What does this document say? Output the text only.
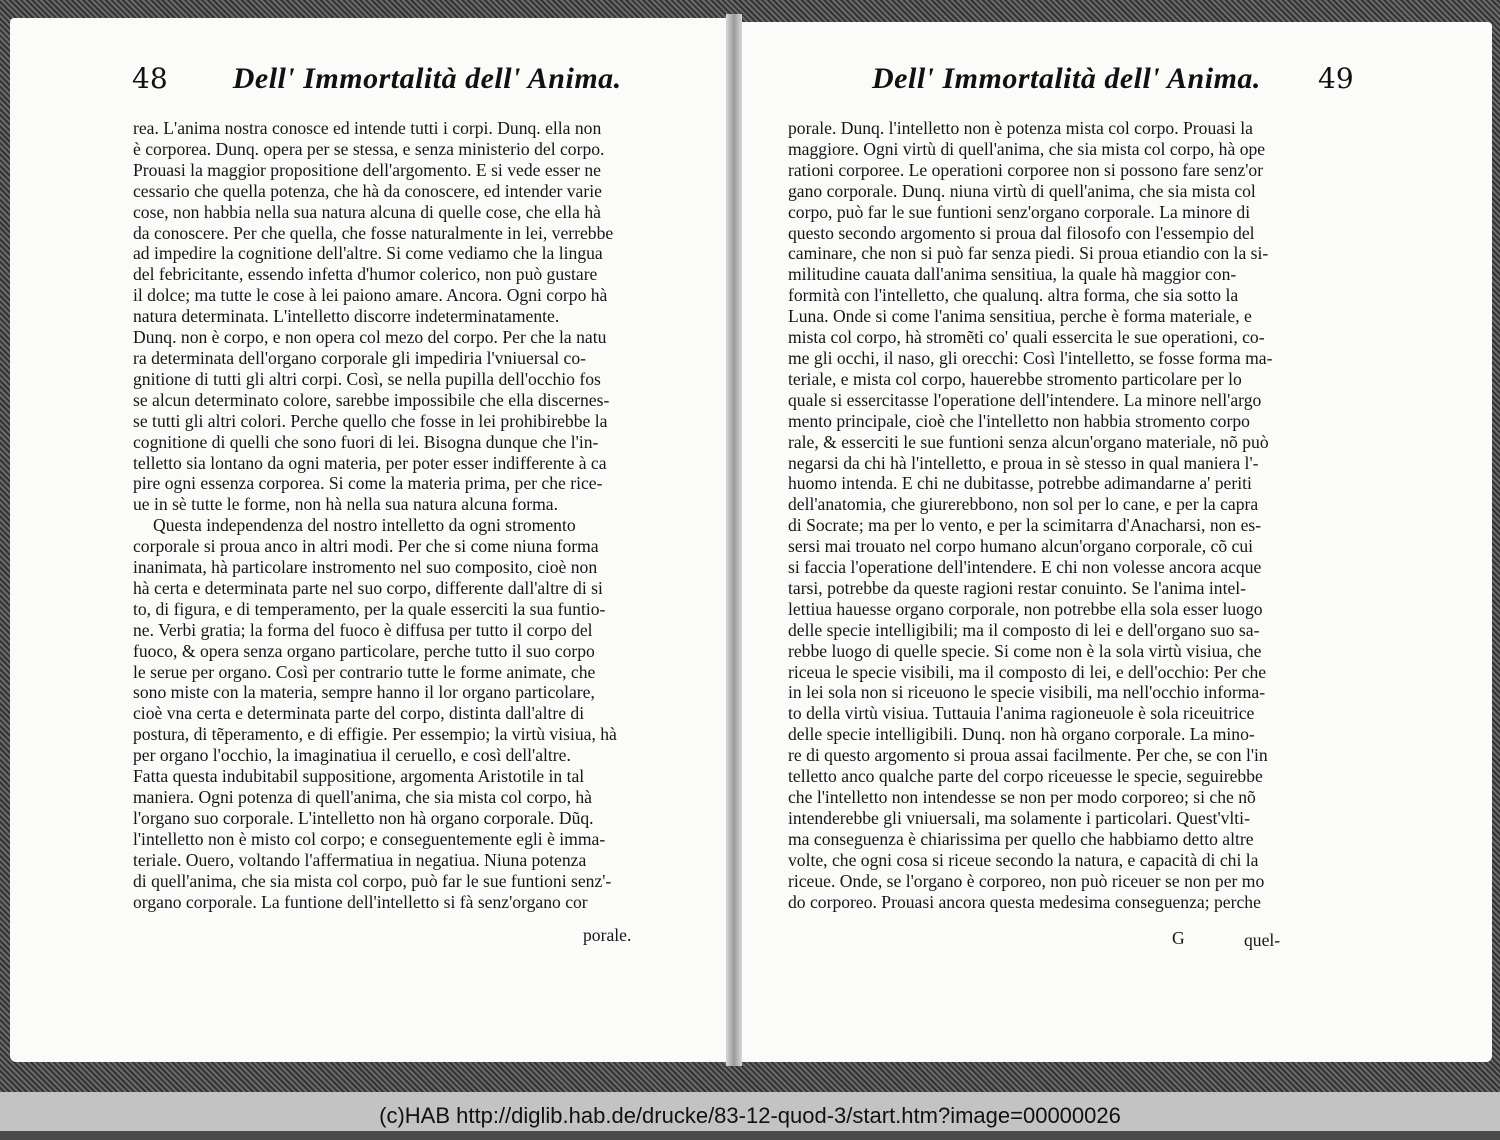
48 Dell' Immortalità dell' Anima.	Dell' Immortalità dell' Anima. 49
rea. L'anima nostra conosce ed intende tutti i corpi. Dunq. ella non
è corporea. Dunq. opera per se stessa, e senza ministerio del corpo.
Prouasi la maggior propositione dell'argomento. E si vede esser ne
cessario che quella potenza, che hà da conoscere, ed intender varie
cose, non habbia nella sua natura alcuna di quelle cose, che ella hà
da conoscere. Per che quella, che fosse naturalmente in lei, verrebbe
ad impedire la cognitione dell'altre. Si come vediamo che la lingua
del febricitante, essendo infetta d'humor colerico, non può gustare
il dolce; ma tutte le cose à lei paiono amare. Ancora. Ogni corpo hà
natura determinata. L'intelletto discorre indeterminatamente.
Dunq. non è corpo, e non opera col mezo del corpo. Per che la natu
ra determinata dell'organo corporale gli impediria l'vniuersal co-
gnitione di tutti gli altri corpi. Così, se nella pupilla dell'occhio fos
se alcun determinato colore, sarebbe impossibile che ella discernes-
se tutti gli altri colori. Perche quello che fosse in lei prohibirebbe la
cognitione di quelli che sono fuori di lei. Bisogna dunque che l'in-
telletto sia lontano da ogni materia, per poter esser indifferente à ca
pire ogni essenza corporea. Si come la materia prima, per che rice-
ue in sè tutte le forme, non hà nella sua natura alcuna forma.
Questa independenza del nostro intelletto da ogni stromento
corporale si proua anco in altri modi. Per che si come niuna forma
inanimata, hà particolare instromento nel suo composito, cioè non
hà certa e determinata parte nel suo corpo, differente dall'altre di si
to, di figura, e di temperamento, per la quale esserciti la sua funtio-
ne. Verbi gratia; la forma del fuoco è diffusa per tutto il corpo del
fuoco, & opera senza organo particolare, perche tutto il suo corpo
le serue per organo. Così per contrario tutte le forme animate, che
sono miste con la materia, sempre hanno il lor organo particolare,
cioè vna certa e determinata parte del corpo, distinta dall'altre di
postura, di tẽperamento, e di effigie. Per essempio; la virtù visiua, hà
per organo l'occhio, la imaginatiua il ceruello, e così dell'altre.
Fatta questa indubitabil suppositione, argomenta Aristotile in tal
maniera. Ogni potenza di quell'anima, che sia mista col corpo, hà
l'organo suo corporale. L'intelletto non hà organo corporale. Dũq.
l'intelletto non è misto col corpo; e conseguentemente egli è imma-
teriale. Ouero, voltando l'affermatiua in negatiua. Niuna potenza
di quell'anima, che sia mista col corpo, può far le sue funtioni senz'-
organo corporale. La funtione dell'intelletto si fà senz'organo cor
porale.
porale. Dunq. l'intelletto non è potenza mista col corpo. Prouasi la
maggiore. Ogni virtù di quell'anima, che sia mista col corpo, hà ope
rationi corporee. Le operationi corporee non si possono fare senz'or
gano corporale. Dunq. niuna virtù di quell'anima, che sia mista col
corpo, può far le sue funtioni senz'organo corporale. La minore di
questo secondo argomento si proua dal filosofo con l'essempio del
caminare, che non si può far senza piedi. Si proua etiandio con la si-
militudine cauata dall'anima sensitiua, la quale hà maggior con-
formità con l'intelletto, che qualunq. altra forma, che sia sotto la
Luna. Onde si come l'anima sensitiua, perche è forma materiale, e
mista col corpo, hà stromẽti co' quali essercita le sue operationi, co-
me gli occhi, il naso, gli orecchi: Così l'intelletto, se fosse forma ma-
teriale, e mista col corpo, hauerebbe stromento particolare per lo
quale si essercitasse l'operatione dell'intendere. La minore nell'argo
mento principale, cioè che l'intelletto non habbia stromento corpo
rale, & esserciti le sue funtioni senza alcun'organo materiale, nõ può
negarsi da chi hà l'intelletto, e proua in sè stesso in qual maniera l'-
huomo intenda. E chi ne dubitasse, potrebbe adimandarne a' periti
dell'anatomia, che giurerebbono, non sol per lo cane, e per la capra
di Socrate; ma per lo vento, e per la scimitarra d'Anacharsi, non es-
sersi mai trouato nel corpo humano alcun'organo corporale, cõ cui
si faccia l'operatione dell'intendere. E chi non volesse ancora acque
tarsi, potrebbe da queste ragioni restar conuinto. Se l'anima intel-
lettiua hauesse organo corporale, non potrebbe ella sola esser luogo
delle specie intelligibili; ma il composto di lei e dell'organo suo sa-
rebbe luogo di quelle specie. Si come non è la sola virtù visiua, che
riceua le specie visibili, ma il composto di lei, e dell'occhio: Per che
in lei sola non si riceuono le specie visibili, ma nell'occhio informa-
to della virtù visiua. Tuttauia l'anima ragioneuole è sola riceuitrice
delle specie intelligibili. Dunq. non hà organo corporale. La mino-
re di questo argomento si proua assai facilmente. Per che, se con l'in
telletto anco qualche parte del corpo riceuesse le specie, seguirebbe
che l'intelletto non intendesse se non per modo corporeo; si che nõ
intenderebbe gli vniuersali, ma solamente i particolari. Quest'vlti-
ma conseguenza è chiarissima per quello che habbiamo detto altre
volte, che ogni cosa si riceue secondo la natura, e capacità di chi la
riceue. Onde, se l'organo è corporeo, non può riceuer se non per mo
do corporeo. Prouasi ancora questa medesima conseguenza; perche
G	quel-
(c)HAB http://diglib.hab.de/drucke/83-12-quod-3/start.htm?image=00000026
